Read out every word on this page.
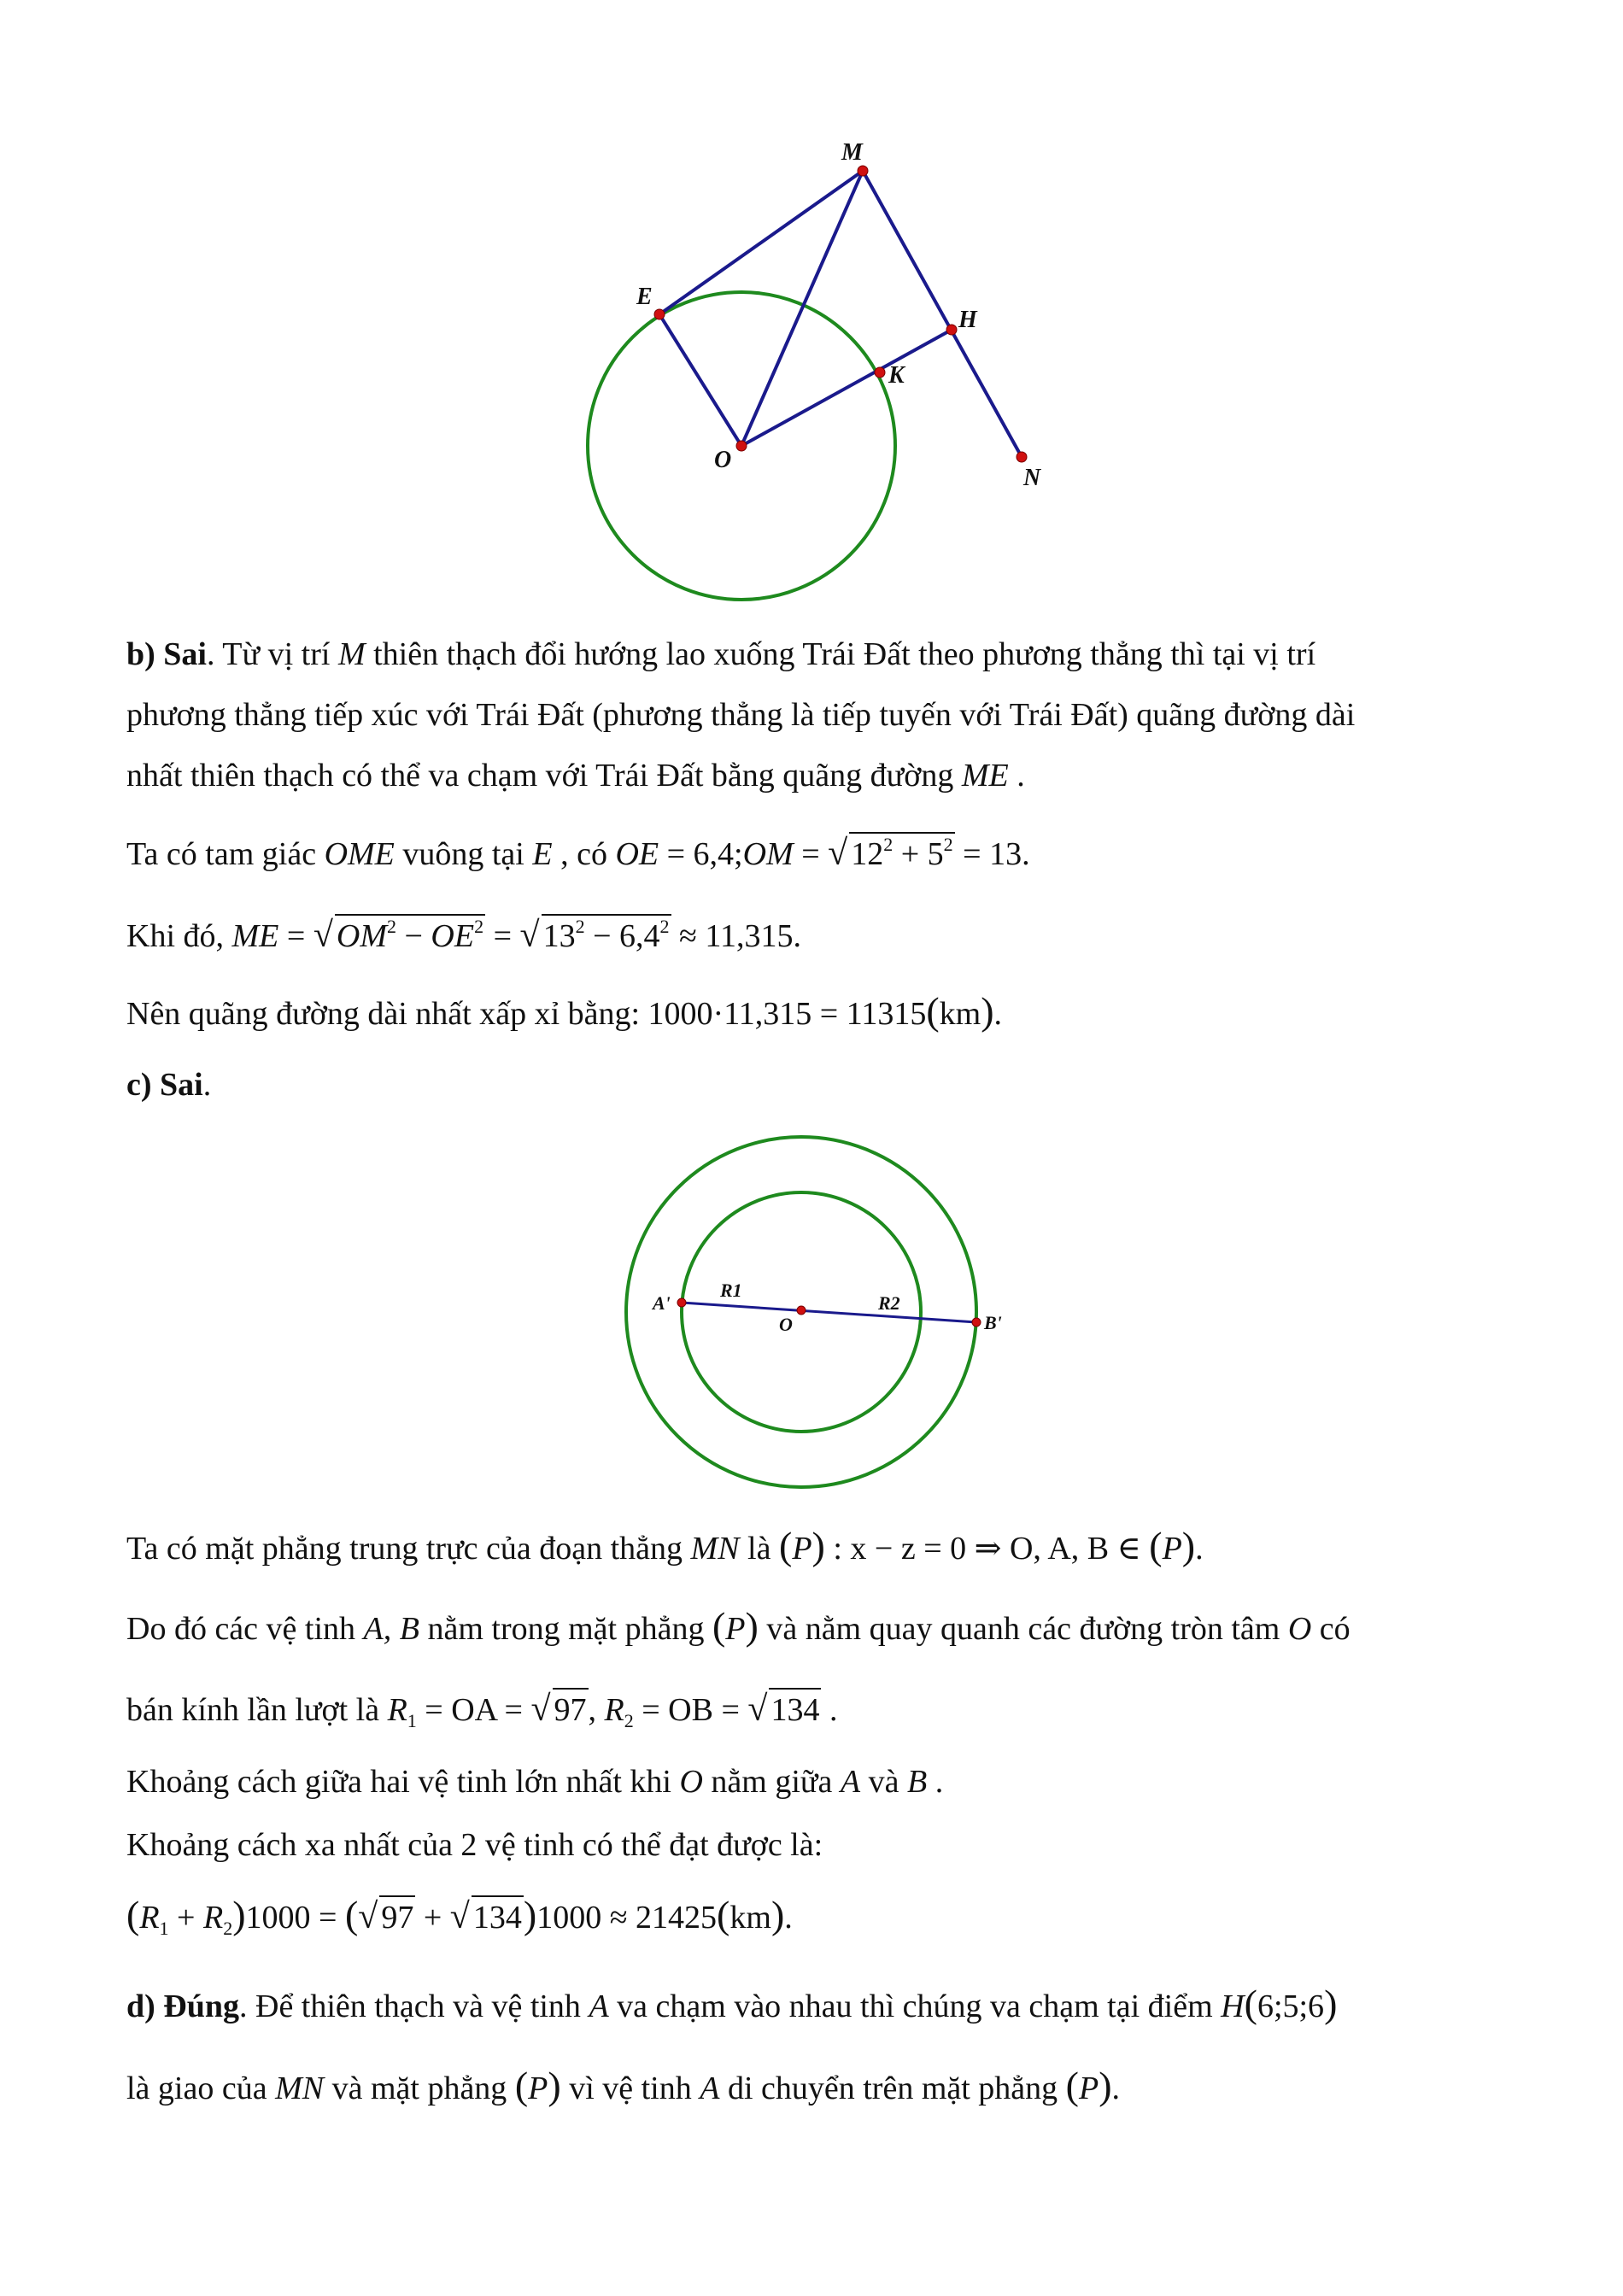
M
E
H
K
O
N
A'
R1
O
R2
B'
b) Sai. Từ vị trí M thiên thạch đổi hướng lao xuống Trái Đất theo phương thẳng thì tại vị trí
phương thẳng tiếp xúc với Trái Đất (phương thẳng là tiếp tuyến với Trái Đất) quãng đường dài
nhất thiên thạch có thể va chạm với Trái Đất bằng quãng đường ME .
Ta có tam giác OME vuông tại E , có OE = 6,4;OM = √ $12^2 + 5^2 = 13$.
Khi đó, ME = √ $OM^2 - OE^2$ = √ $13^2 - 6,4^2 \approx 11,315$.
Nên quãng đường dài nhất xấp xỉ bằng: 1000·11,315 = 11315(km).
c) Sai.
Ta có mặt phẳng trung trực của đoạn thẳng MN là (P) : x − z = 0 ⇒ O, A, B ∈ (P).
Do đó các vệ tinh A, B nằm trong mặt phẳng (P) và nằm quay quanh các đường tròn tâm O có
bán kính lần lượt là $R_1$ = OA = √ 97, $R_2$ = OB = √ 134 .
Khoảng cách giữa hai vệ tinh lớn nhất khi O nằm giữa A và B .
Khoảng cách xa nhất của 2 vệ tinh có thể đạt được là:
$(R_1 + R_2)1000$ = (√ 97 + √ 134)1000 ≈ 21425(km).
d) Đúng. Để thiên thạch và vệ tinh A va chạm vào nhau thì chúng va chạm tại điểm H(6;5;6)
là giao của MN và mặt phẳng (P) vì vệ tinh A di chuyển trên mặt phẳng (P).
